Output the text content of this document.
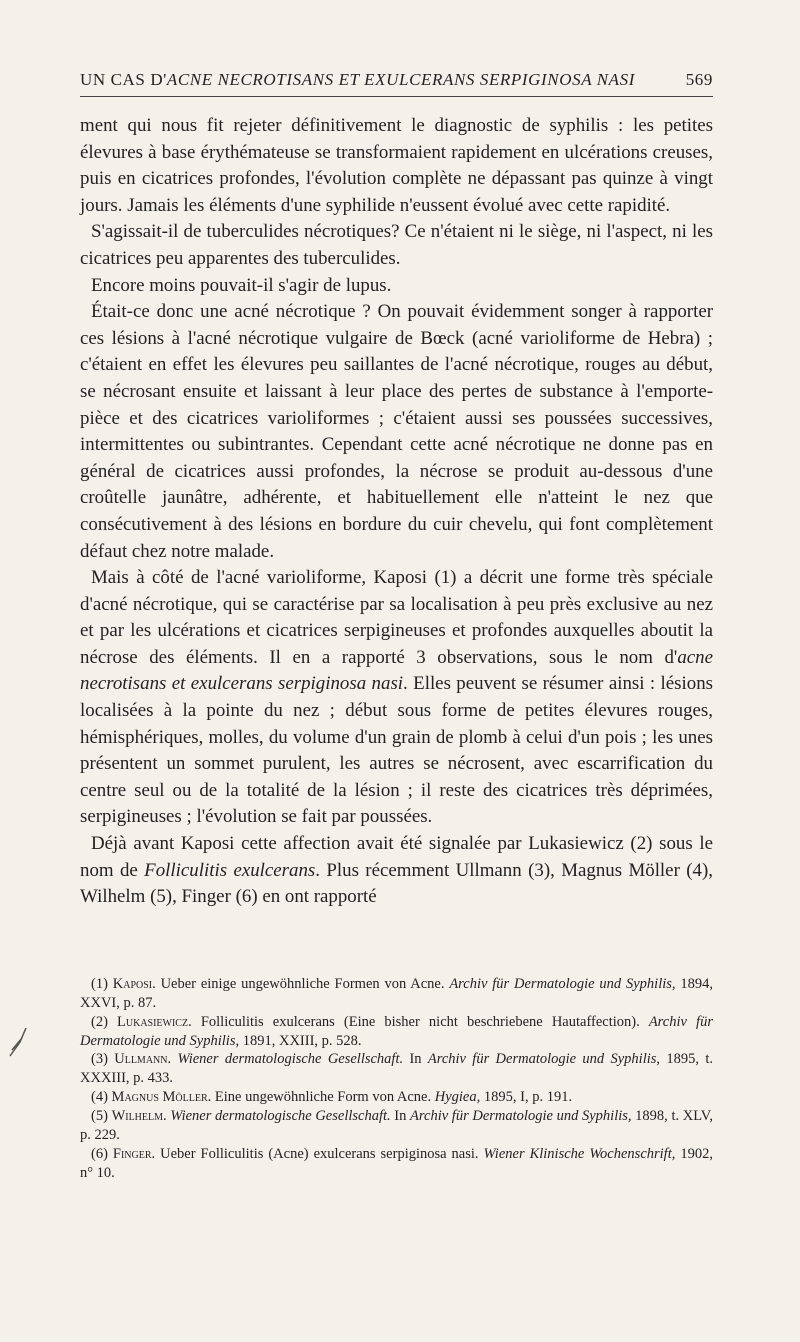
UN CAS D'ACNE NECROTISANS ET EXULCERANS SERPIGINOSA NASI	569

ment qui nous fit rejeter définitivement le diagnostic de syphilis : les petites élevures à base érythémateuse se transformaient rapidement en ulcérations creuses, puis en cicatrices profondes, l'évolution complète ne dépassant pas quinze à vingt jours. Jamais les éléments d'une syphilide n'eussent évolué avec cette rapidité.

S'agissait-il de tuberculides nécrotiques? Ce n'étaient ni le siège, ni l'aspect, ni les cicatrices peu apparentes des tuberculides.

Encore moins pouvait-il s'agir de lupus.

Était-ce donc une acné nécrotique ? On pouvait évidemment songer à rapporter ces lésions à l'acné nécrotique vulgaire de Bœck (acné varioliforme de Hebra) ; c'étaient en effet les élevures peu saillantes de l'acné nécrotique, rouges au début, se nécrosant ensuite et laissant à leur place des pertes de substance à l'emporte-pièce et des cicatrices varioliformes ; c'étaient aussi ses poussées successives, intermittentes ou subintrantes. Cependant cette acné nécrotique ne donne pas en général de cicatrices aussi profondes, la nécrose se produit au-dessous d'une croûtelle jaunâtre, adhérente, et habituellement elle n'atteint le nez que consécutivement à des lésions en bordure du cuir chevelu, qui font complètement défaut chez notre malade.

Mais à côté de l'acné varioliforme, Kaposi (1) a décrit une forme très spéciale d'acné nécrotique, qui se caractérise par sa localisation à peu près exclusive au nez et par les ulcérations et cicatrices serpigineuses et profondes auxquelles aboutit la nécrose des éléments. Il en a rapporté 3 observations, sous le nom d'acne necrotisans et exulcerans serpiginosa nasi. Elles peuvent se résumer ainsi : lésions localisées à la pointe du nez ; début sous forme de petites élevures rouges, hémisphériques, molles, du volume d'un grain de plomb à celui d'un pois ; les unes présentent un sommet purulent, les autres se nécrosent, avec escarrification du centre seul ou de la totalité de la lésion ; il reste des cicatrices très déprimées, serpigineuses ; l'évolution se fait par poussées.

Déjà avant Kaposi cette affection avait été signalée par Lukasiewicz (2) sous le nom de Folliculitis exulcerans. Plus récemment Ullmann (3), Magnus Möller (4), Wilhelm (5), Finger (6) en ont rapporté

(1) Kaposi. Ueber einige ungewöhnliche Formen von Acne. Archiv für Dermatologie und Syphilis, 1894, XXVI, p. 87.

(2) Lukasiewicz. Folliculitis exulcerans (Eine bisher nicht beschriebene Hautaffection). Archiv für Dermatologie und Syphilis, 1891, XXIII, p. 528.

(3) Ullmann. Wiener dermatologische Gesellschaft. In Archiv für Dermatologie und Syphilis, 1895, t. XXXIII, p. 433.

(4) Magnus Möller. Eine ungewöhnliche Form von Acne. Hygiea, 1895, I, p. 191.

(5) Wilhelm. Wiener dermatologische Gesellschaft. In Archiv für Dermatologie und Syphilis, 1898, t. XLV, p. 229.

(6) Finger. Ueber Folliculitis (Acne) exulcerans serpiginosa nasi. Wiener Klinische Wochenschrift, 1902, n° 10.
